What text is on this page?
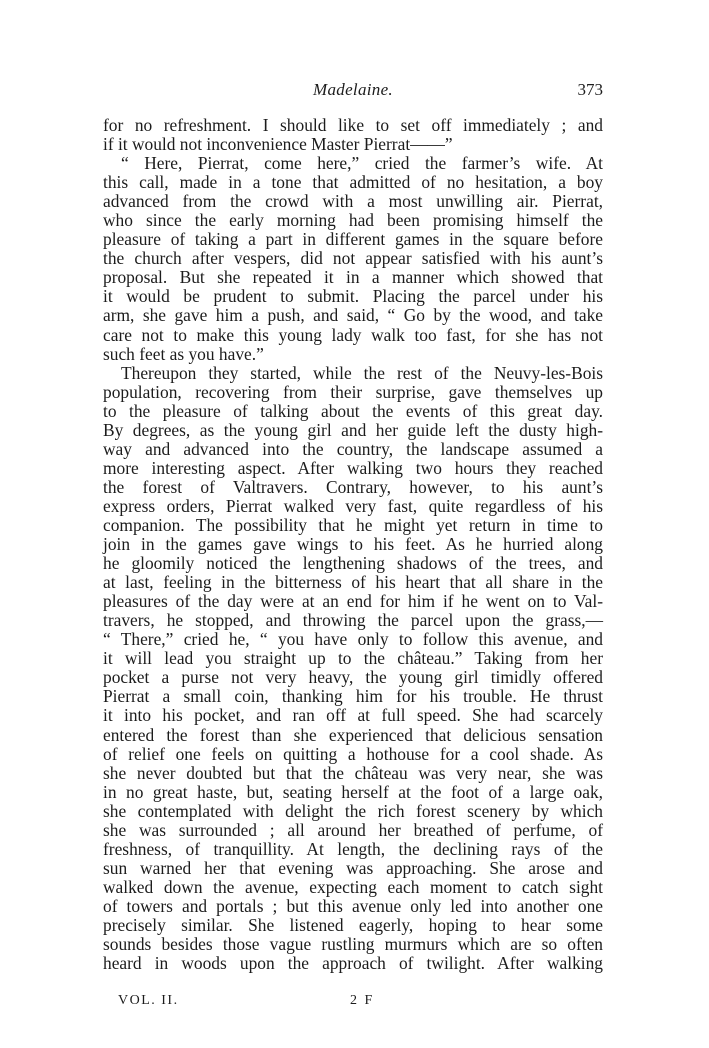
Madelaine.	373
for no refreshment. I should like to set off immediately ; and
if it would not inconvenience Master Pierrat——”
“ Here, Pierrat, come here,” cried the farmer’s wife. At
this call, made in a tone that admitted of no hesitation, a boy
advanced from the crowd with a most unwilling air. Pierrat,
who since the early morning had been promising himself the
pleasure of taking a part in different games in the square before
the church after vespers, did not appear satisfied with his aunt’s
proposal. But she repeated it in a manner which showed that
it would be prudent to submit. Placing the parcel under his
arm, she gave him a push, and said, “ Go by the wood, and take
care not to make this young lady walk too fast, for she has not
such feet as you have.”
Thereupon they started, while the rest of the Neuvy-les-Bois
population, recovering from their surprise, gave themselves up
to the pleasure of talking about the events of this great day.
By degrees, as the young girl and her guide left the dusty high-
way and advanced into the country, the landscape assumed a
more interesting aspect. After walking two hours they reached
the forest of Valtravers. Contrary, however, to his aunt’s
express orders, Pierrat walked very fast, quite regardless of his
companion. The possibility that he might yet return in time to
join in the games gave wings to his feet. As he hurried along
he gloomily noticed the lengthening shadows of the trees, and
at last, feeling in the bitterness of his heart that all share in the
pleasures of the day were at an end for him if he went on to Val-
travers, he stopped, and throwing the parcel upon the grass,—
“ There,” cried he, “ you have only to follow this avenue, and
it will lead you straight up to the château.” Taking from her
pocket a purse not very heavy, the young girl timidly offered
Pierrat a small coin, thanking him for his trouble. He thrust
it into his pocket, and ran off at full speed. She had scarcely
entered the forest than she experienced that delicious sensation
of relief one feels on quitting a hothouse for a cool shade. As
she never doubted but that the château was very near, she was
in no great haste, but, seating herself at the foot of a large oak,
she contemplated with delight the rich forest scenery by which
she was surrounded ; all around her breathed of perfume, of
freshness, of tranquillity. At length, the declining rays of the
sun warned her that evening was approaching. She arose and
walked down the avenue, expecting each moment to catch sight
of towers and portals ; but this avenue only led into another one
precisely similar. She listened eagerly, hoping to hear some
sounds besides those vague rustling murmurs which are so often
heard in woods upon the approach of twilight. After walking
VOL. II.	2 F
